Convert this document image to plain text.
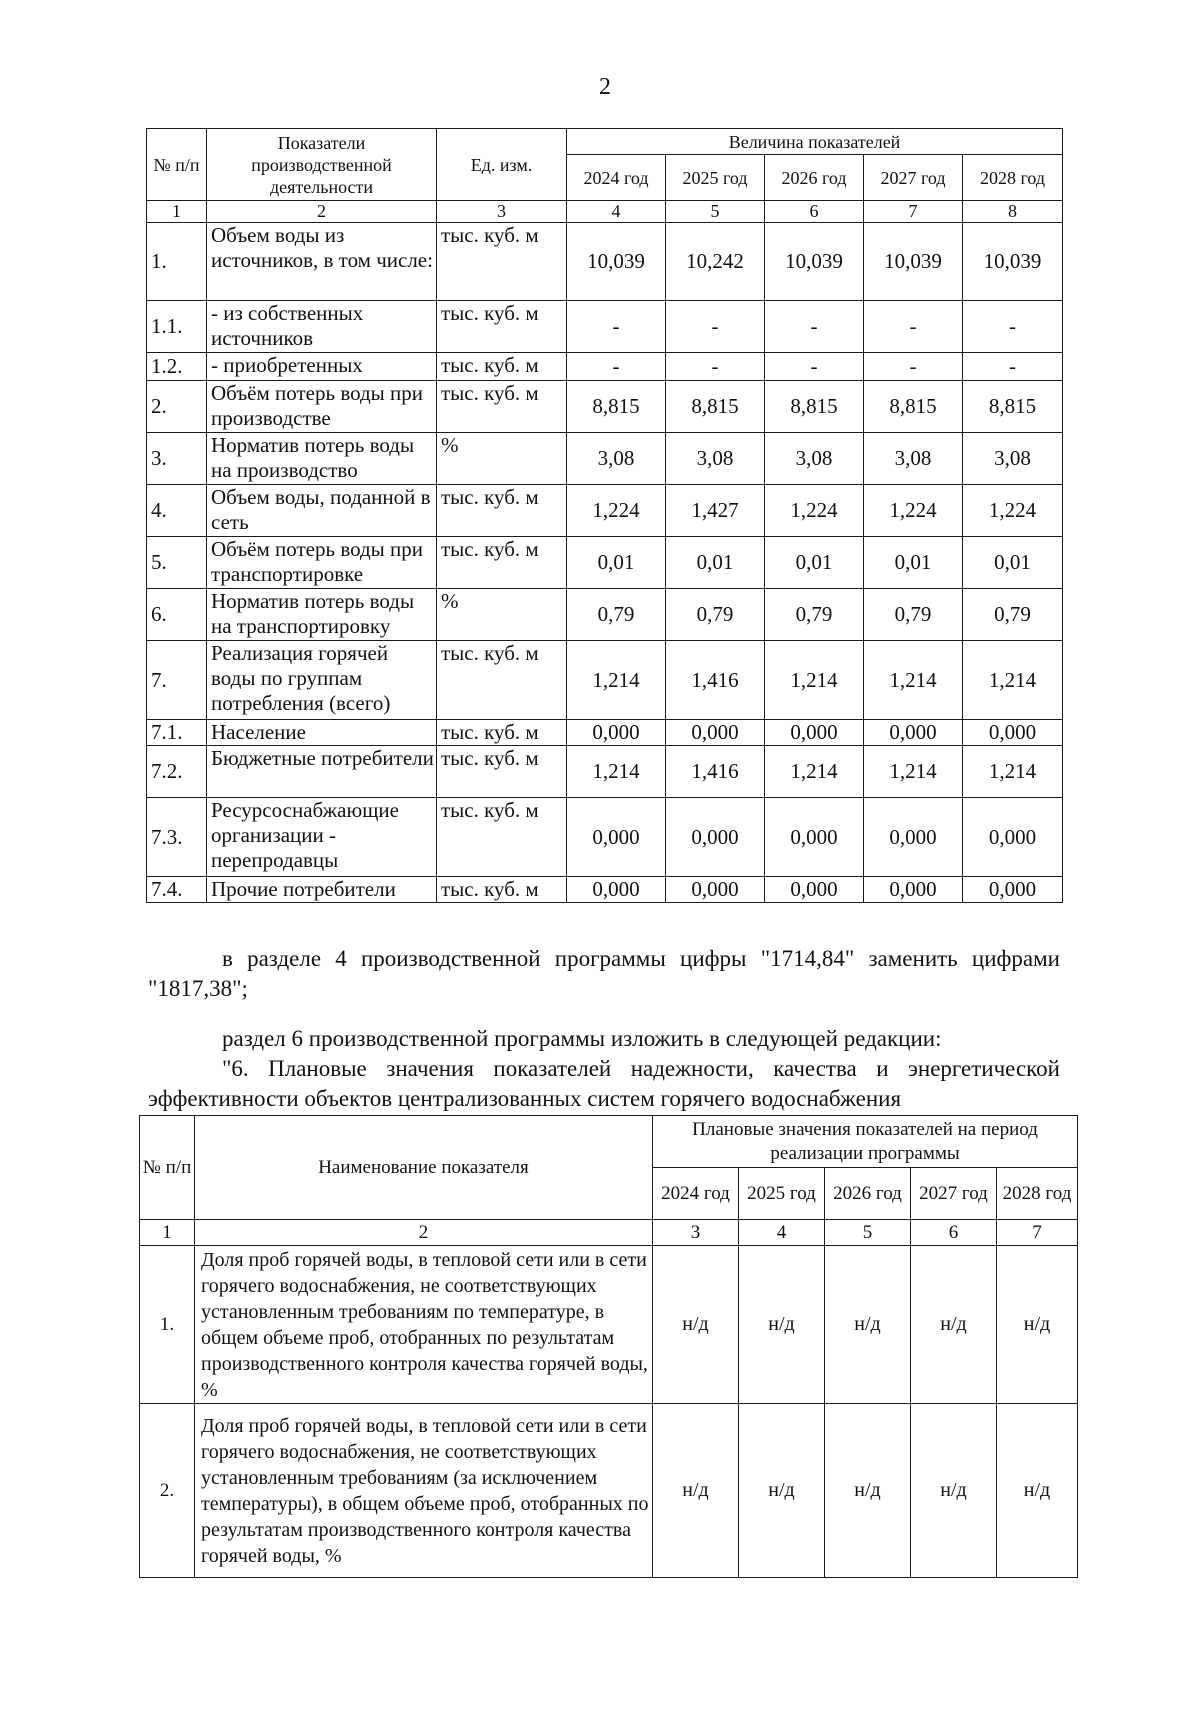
2
№ п/п	Показатели производственной деятельности	Ед. изм.	Величина показателей				
			2024 год	2025 год	2026 год	2027 год	2028 год
1	2	3	4	5	6	7	8
1.	Объем воды из источников, в том числе:	тыс. куб. м	10,039	10,242	10,039	10,039	10,039
1.1.	- из собственных источников	тыс. куб. м	-	-	-	-	-
1.2.	- приобретенных	тыс. куб. м	-	-	-	-	-
2.	Объём потерь воды при производстве	тыс. куб. м	8,815	8,815	8,815	8,815	8,815
3.	Норматив потерь воды на производство	%	3,08	3,08	3,08	3,08	3,08
4.	Объем воды, поданной в сеть	тыс. куб. м	1,224	1,427	1,224	1,224	1,224
5.	Объём потерь воды при транспортировке	тыс. куб. м	0,01	0,01	0,01	0,01	0,01
6.	Норматив потерь воды на транспортировку	%	0,79	0,79	0,79	0,79	0,79
7.	Реализация горячей воды по группам потребления (всего)	тыс. куб. м	1,214	1,416	1,214	1,214	1,214
7.1.	Население	тыс. куб. м	0,000	0,000	0,000	0,000	0,000
7.2.	Бюджетные потребители	тыс. куб. м	1,214	1,416	1,214	1,214	1,214
7.3.	Ресурсоснабжающие организации - перепродавцы	тыс. куб. м	0,000	0,000	0,000	0,000	0,000
7.4.	Прочие потребители	тыс. куб. м	0,000	0,000	0,000	0,000	0,000
в разделе 4 производственной программы цифры "1714,84" заменить цифрами "1817,38";
раздел 6 производственной программы изложить в следующей редакции:
"6. Плановые значения показателей надежности, качества и энергетической эффективности объектов централизованных систем горячего водоснабжения
№ п/п	Наименование показателя	Плановые значения показателей на период реализации программы				
		2024 год	2025 год	2026 год	2027 год	2028 год
1	2	3	4	5	6	7
1.	Доля проб горячей воды, в тепловой сети или в сети горячего водоснабжения, не соответствующих установленным требованиям по температуре, в общем объеме проб, отобранных по результатам производственного контроля качества горячей воды, %	н/д	н/д	н/д	н/д	н/д
2.	Доля проб горячей воды, в тепловой сети или в сети горячего водоснабжения, не соответствующих установленным требованиям (за исключением температуры), в общем объеме проб, отобранных по результатам производственного контроля качества горячей воды, %	н/д	н/д	н/д	н/д	н/д
